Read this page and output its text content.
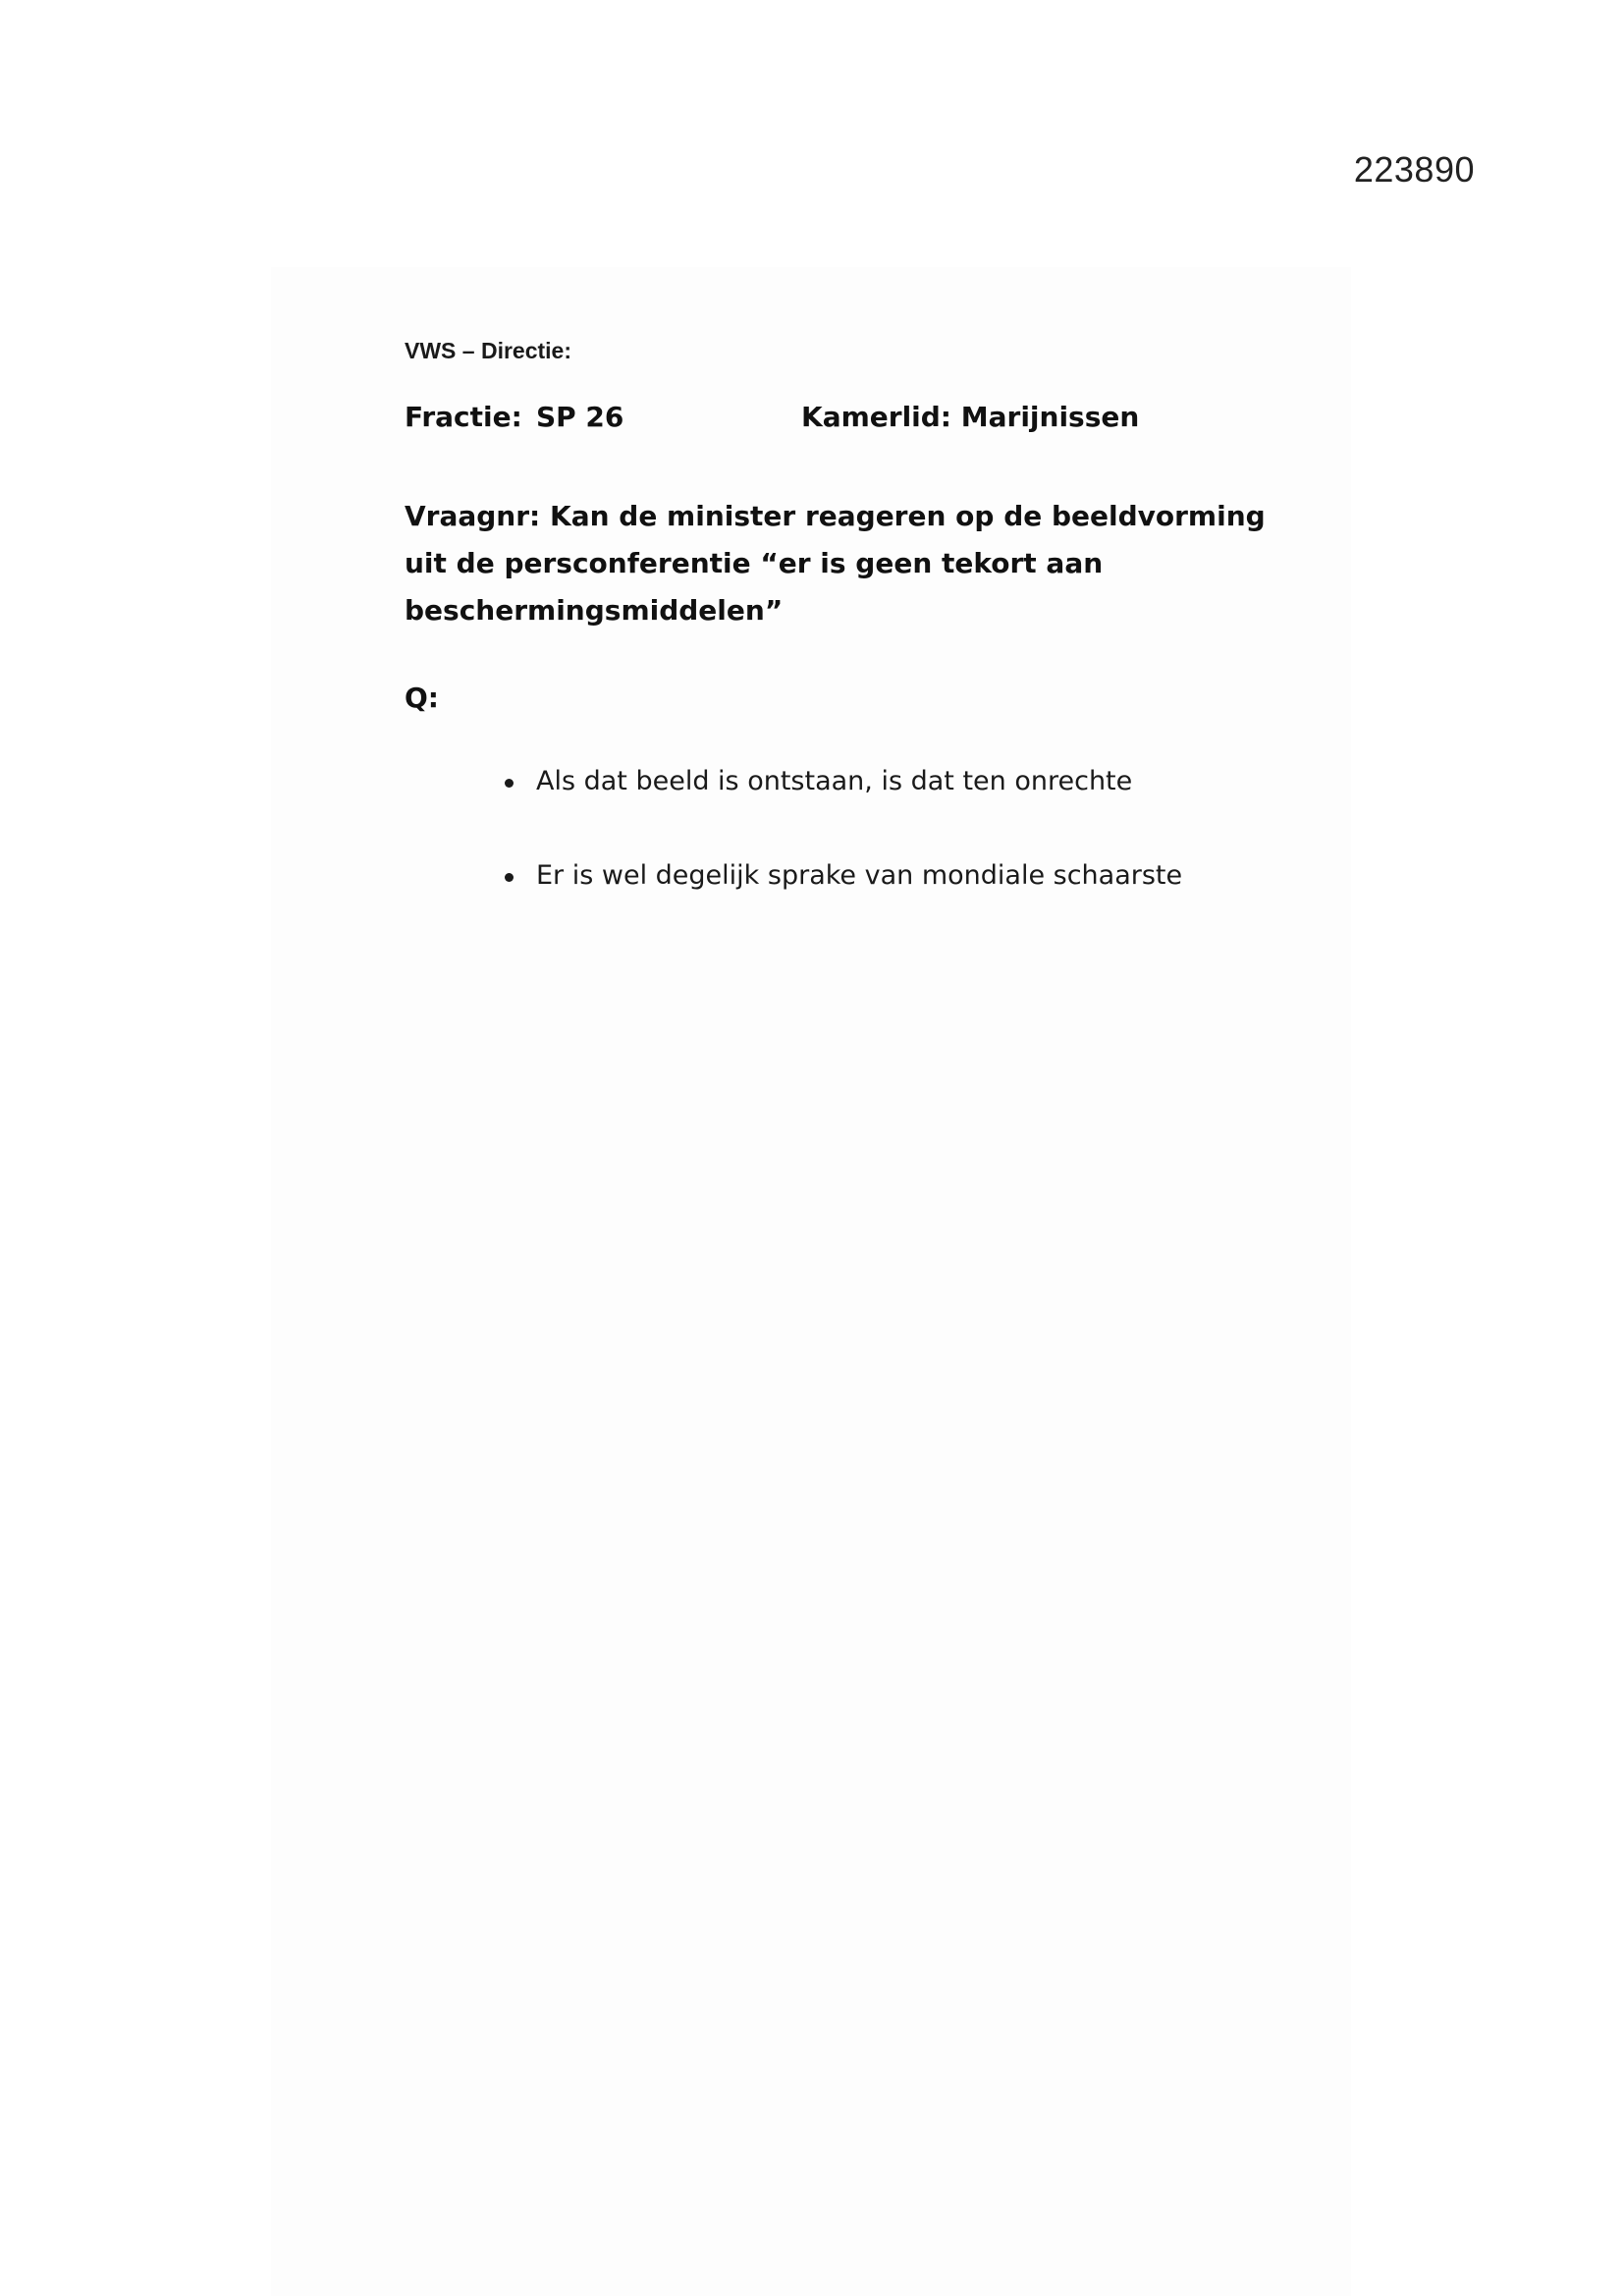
223890
VWS – Directie:
Fractie: SP 26	Kamerlid: Marijnissen
Vraagnr: Kan de minister reageren op de beeldvorming
uit de persconferentie “er is geen tekort aan
beschermingsmiddelen”
Q:
Als dat beeld is ontstaan, is dat ten onrechte
Er is wel degelijk sprake van mondiale schaarste
